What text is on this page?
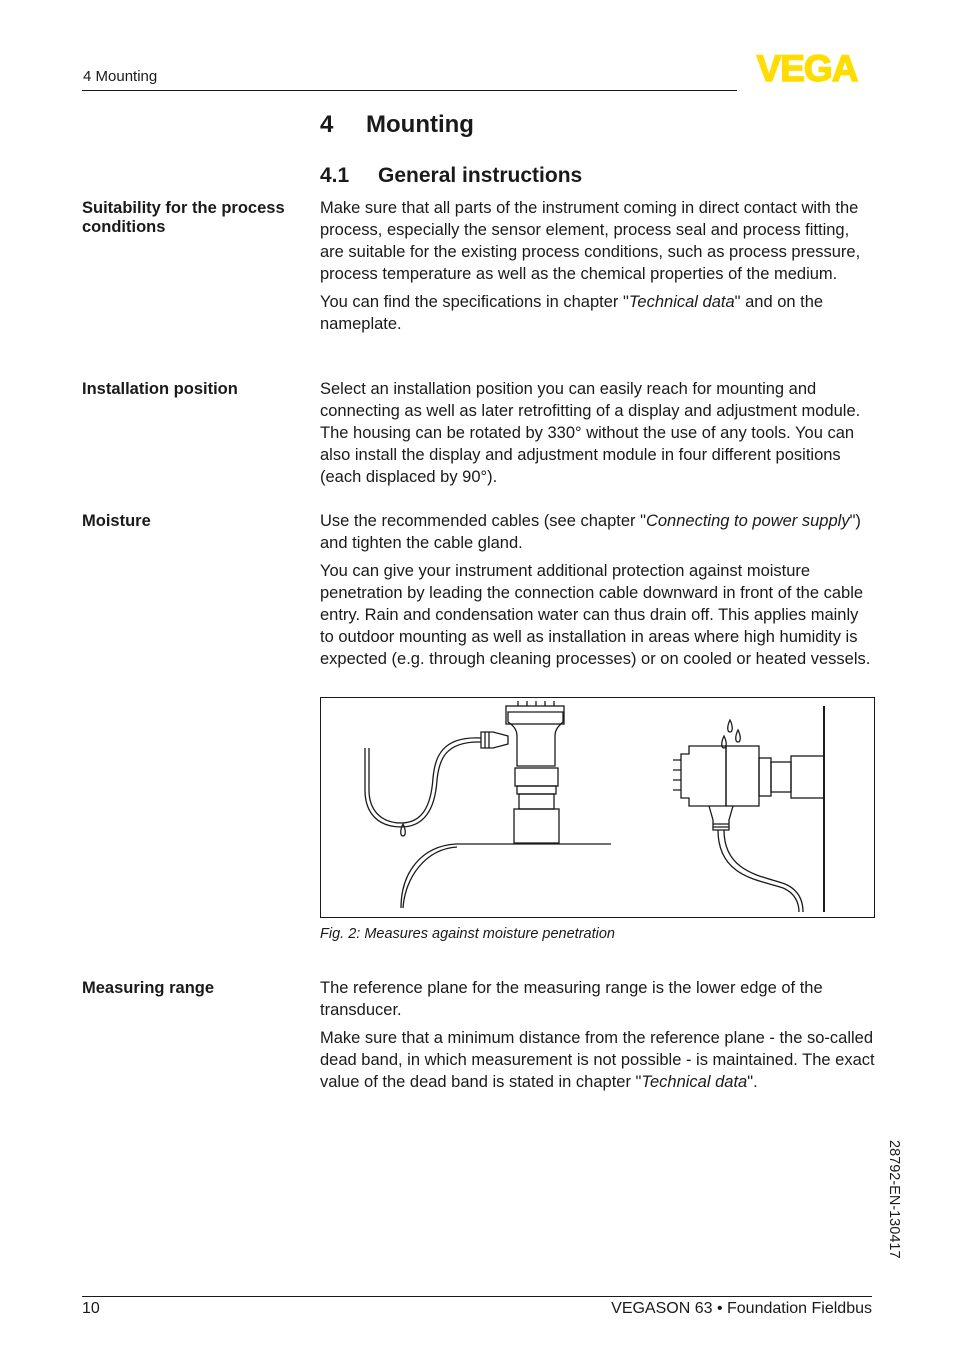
4 Mounting	VEGA
4 Mounting
4.1 General instructions
Suitability for the process conditions

Make sure that all parts of the instrument coming in direct contact with the process, especially the sensor element, process seal and process fitting, are suitable for the existing process conditions, such as process pressure, process temperature as well as the chemical properties of the medium.

You can find the specifications in chapter "Technical data" and on the nameplate.

Installation position	Select an installation position you can easily reach for mounting and connecting as well as later retrofitting of a display and adjustment module. The housing can be rotated by 330° without the use of any tools. You can also install the display and adjustment module in four different positions (each displaced by 90°).

Moisture	Use the recommended cables (see chapter "Connecting to power supply") and tighten the cable gland.

You can give your instrument additional protection against moisture penetration by leading the connection cable downward in front of the cable entry. Rain and condensation water can thus drain off. This applies mainly to outdoor mounting as well as installation in areas where high humidity is expected (e.g. through cleaning processes) or on cooled or heated vessels.

Fig. 2: Measures against moisture penetration
Measuring range	The reference plane for the measuring range is the lower edge of the transducer.

Make sure that a minimum distance from the reference plane - the so-called dead band, in which measurement is not possible - is maintained. The exact value of the dead band is stated in chapter "Technical data".

28792-EN-130417
10	VEGASON 63 • Foundation Fieldbus
